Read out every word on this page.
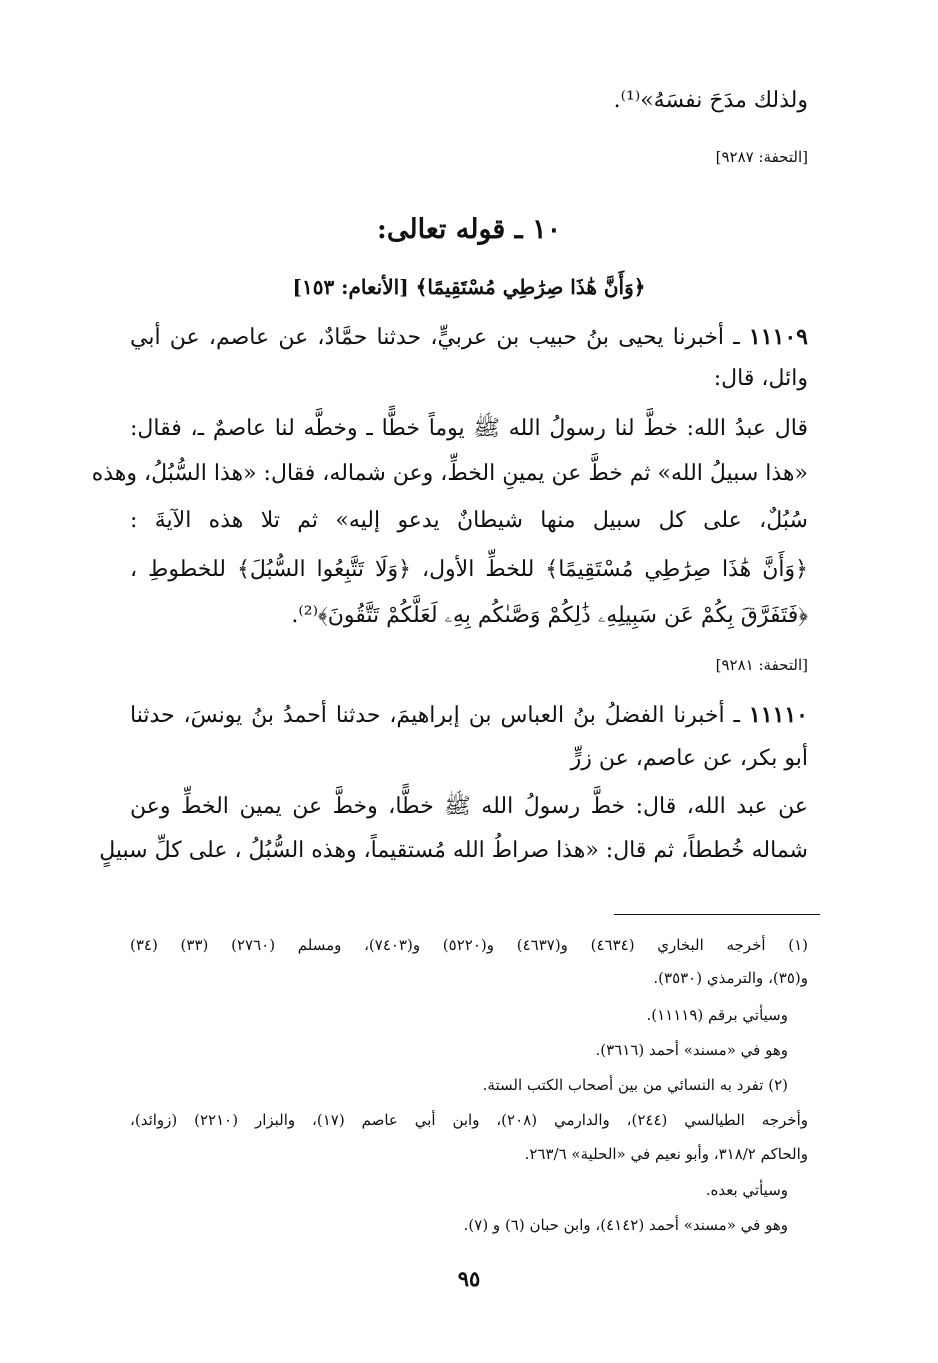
ولذلك مدَحَ نفسَهُ»⁽¹⁾.
[التحفة: ٩٢٨٧]
١٠ ـ قوله تعالى:
﴿وَأَنَّ هَٰذَا صِرَٰطِي مُسْتَقِيمًا﴾ [الأنعام: ١٥٣]
١١١٠٩ ـ أخبرنا يحيى بنُ حبيب بن عربيٍّ، حدثنا حمَّادٌ، عن عاصم، عن أبي
وائل، قال:
قال عبدُ الله: خطَّ لنا رسولُ الله ﷺ يوماً خطًّا ـ وخطَّه لنا عاصمٌ ـ، فقال:
«هذا سبيلُ الله» ثم خطَّ عن يمينِ الخطِّ، وعن شماله، فقال: «هذا السُّبُلُ، وهذه
سُبُلٌ، على كل سبيل منها شيطانٌ يدعو إليه» ثم تلا هذه الآيةَ :
﴿وَأَنَّ هَٰذَا صِرَٰطِي مُسْتَقِيمًا﴾ للخطِّ الأول، ﴿وَلَا تَتَّبِعُوا السُّبُلَ﴾ للخطوطِ ،
﴿فَتَفَرَّقَ بِكُمْ عَن سَبِيلِهِۦ ذَٰلِكُمْ وَصَّىٰكُم بِهِۦ لَعَلَّكُمْ تَتَّقُونَ﴾⁽²⁾.
[التحفة: ٩٢٨١]
١١١١٠ ـ أخبرنا الفضلُ بنُ العباس بن إبراهيمَ، حدثنا أحمدُ بنُ يونسَ، حدثنا
أبو بكر، عن عاصم، عن زرٍّ
عن عبد الله، قال: خطَّ رسولُ الله ﷺ خطًّا، وخطَّ عن يمين الخطِّ وعن
شماله خُططاً، ثم قال: «هذا صراطُ الله مُستقيماً، وهذه السُّبُلُ ، على كلِّ سبيلٍ
(١) أخرجه البخاري (٤٦٣٤) و(٤٦٣٧) و(٥٢٢٠) و(٧٤٠٣)، ومسلم (٢٧٦٠) (٣٣) (٣٤)
و(٣٥)، والترمذي (٣٥٣٠).
وسيأتي برقم (١١١١٩).
وهو في «مسند» أحمد (٣٦١٦).
(٢) تفرد به النسائي من بين أصحاب الكتب الستة.
وأخرجه الطيالسي (٢٤٤)، والدارمي (٢٠٨)، وابن أبي عاصم (١٧)، والبزار (٢٢١٠) (زوائد)،
والحاكم ٣١٨/٢، وأبو نعيم في «الحلية» ٢٦٣/٦.
وسيأتي بعده.
وهو في «مسند» أحمد (٤١٤٢)، وابن حبان (٦) و (٧).
٩٥
